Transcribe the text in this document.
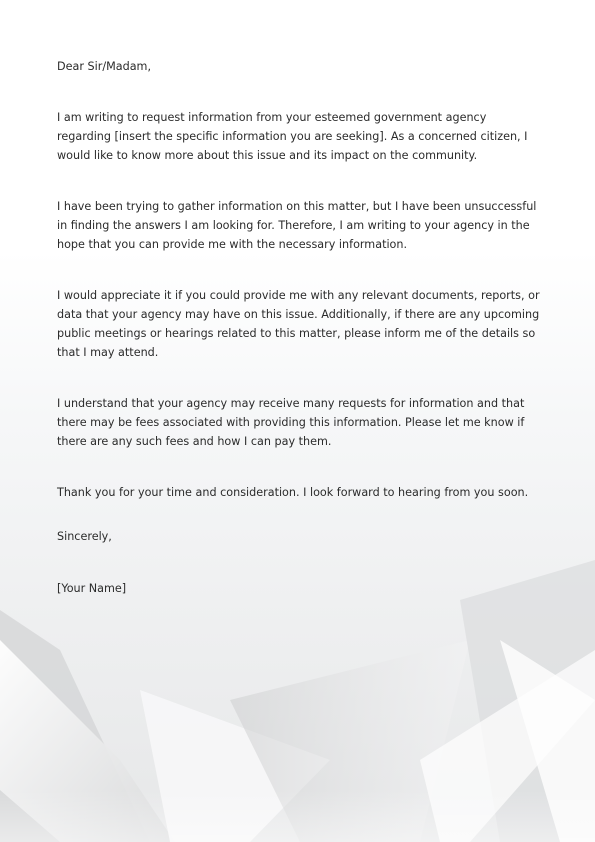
Dear Sir/Madam,

I am writing to request information from your esteemed government agency regarding [insert the specific information you are seeking]. As a concerned citizen, I would like to know more about this issue and its impact on the community.

I have been trying to gather information on this matter, but I have been unsuccessful in finding the answers I am looking for. Therefore, I am writing to your agency in the hope that you can provide me with the necessary information.

I would appreciate it if you could provide me with any relevant documents, reports, or data that your agency may have on this issue. Additionally, if there are any upcoming public meetings or hearings related to this matter, please inform me of the details so that I may attend.

I understand that your agency may receive many requests for information and that there may be fees associated with providing this information. Please let me know if there are any such fees and how I can pay them.

Thank you for your time and consideration. I look forward to hearing from you soon.

Sincerely,

[Your Name]
